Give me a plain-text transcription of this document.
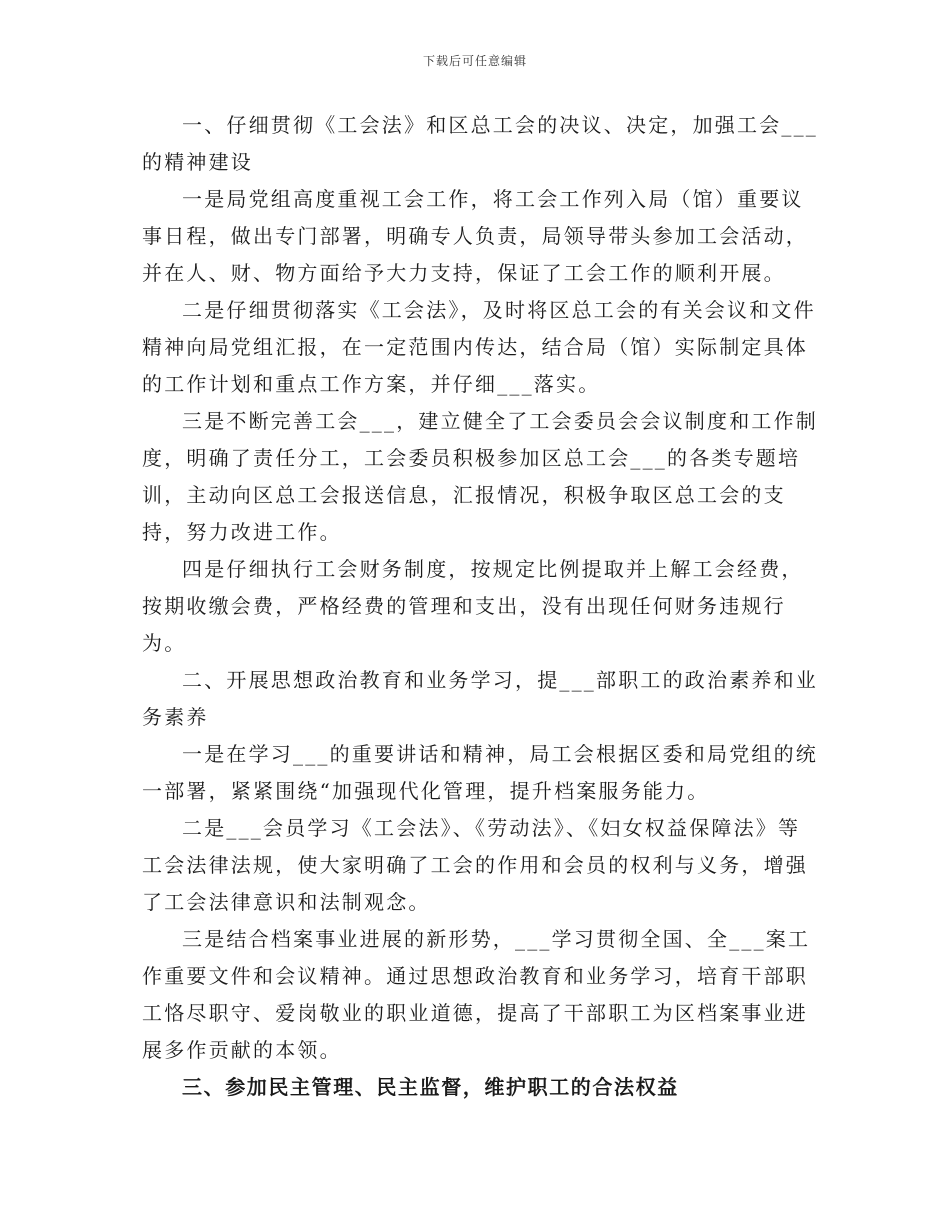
下载后可任意编辑

一、仔细贯彻《工会法》和区总工会的决议、决定，加强工会___的精神建设

一是局党组高度重视工会工作，将工会工作列入局（馆）重要议事日程，做出专门部署，明确专人负责，局领导带头参加工会活动，并在人、财、物方面给予大力支持，保证了工会工作的顺利开展。

二是仔细贯彻落实《工会法》，及时将区总工会的有关会议和文件精神向局党组汇报，在一定范围内传达，结合局（馆）实际制定具体的工作计划和重点工作方案，并仔细___落实。

三是不断完善工会___，建立健全了工会委员会会议制度和工作制度，明确了责任分工，工会委员积极参加区总工会___的各类专题培训，主动向区总工会报送信息，汇报情况，积极争取区总工会的支持，努力改进工作。

四是仔细执行工会财务制度，按规定比例提取并上解工会经费，按期收缴会费，严格经费的管理和支出，没有出现任何财务违规行为。

二、开展思想政治教育和业务学习，提___部职工的政治素养和业务素养

一是在学习___的重要讲话和精神，局工会根据区委和局党组的统一部署，紧紧围绕“加强现代化管理，提升档案服务能力。

二是___会员学习《工会法》、《劳动法》、《妇女权益保障法》等工会法律法规，使大家明确了工会的作用和会员的权利与义务，增强了工会法律意识和法制观念。

三是结合档案事业进展的新形势，___学习贯彻全国、全___案工作重要文件和会议精神。通过思想政治教育和业务学习，培育干部职工恪尽职守、爱岗敬业的职业道德，提高了干部职工为区档案事业进展多作贡献的本领。

三、参加民主管理、民主监督，维护职工的合法权益
